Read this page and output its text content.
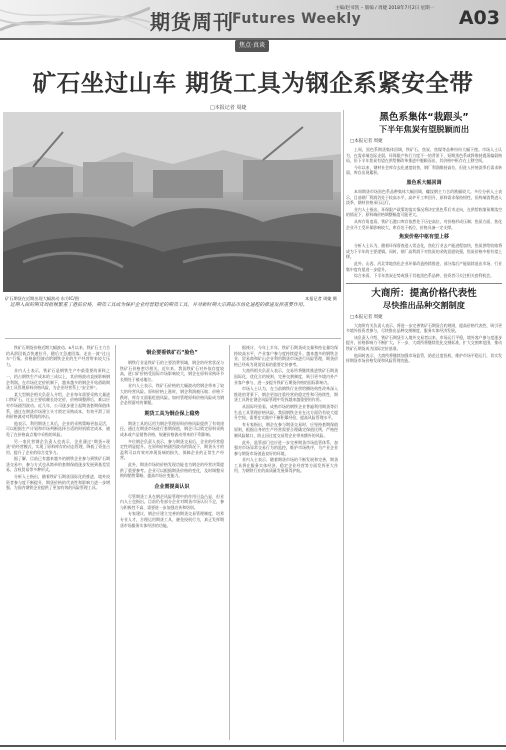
期货周刊
Futures Weekly
主编/赵书凯 ·· 版编 / 周婕 2018年7月2日 星期一	A03
焦点·真谈
矿石坐过山车 期货工具为钢企系紧安全带
□本报记者 周婕
矿石期货在近期出现大幅波动 东方IC/图	本报记者 周婕 摄
黑色系集体“栽跟头”
下半年焦炭有望脱颖而出
□本报记者 周婕

上周，黑色系期货集体回调，铁矿石、焦炭、焦煤等品种纷纷大幅下挫。市场人士认为，在需求端边际走弱、环保限产执行力度不一的背景下，短期黑色系或将维持震荡偏弱格局，但下半年焦炭有望在供给侧改革推进中脱颖而出，其价格中枢存在上移空间。

今年以来，钢材社会库存去化速度较快，钢厂利润维持高位，但进入传统淡季后需求转弱，库存出现累积。

黑色系大幅回调

本周期货市场黑色系品种集体大幅回调，螺纹钢主力合约跌幅较大。多位分析人士表示，目前钢厂利润仍处于较高水平，高炉开工率回升，原料需求保持韧性，但终端消费进入淡季，钢材价格承压运行。

业内人士指出，环保限产政策的落实情况将决定黑色系后市走向，在供给收缩预期落空的情况下，原料端价格调整幅度可能更大。

从库存角度看，铁矿石港口库存依然处于历史高位，对价格形成压制；焦炭方面，焦化企业开工受环保影响较大，库存处于低位，价格具备一定支撑。

焦炭价格中枢有望上移

分析人士认为，随着环保督查进入常态化，焦化行业去产能进程加快，焦炭供给收缩将成为下半年的主要逻辑。同时，钢厂高利润下对焦炭的采购意愿较强，焦炭价格中枢有望上移。

此外，山西、河北等地焦化企业环保改造持续推进，部分落后产能陆续退出市场，行业集中度有望进一步提升。

综合来看，下半年焦炭走势或强于其他黑色系品种，投资者可关注相关套利机会。

大商所：提高价格代表性
尽快推出品种交割制度
□本报记者 周婕

大商所有关负责人表示，将进一步完善铁矿石期货合约规则，提高价格代表性，吸引更多境外投资者参与，尽快推出品种交割制度，服务实体经济发展。

该负责人介绍，铁矿石期货引入境外交易者以来，市场运行平稳，境外客户参与度逐步提升，价格影响力不断扩大。下一步，大商所将继续优化交割标准，扩大交割库范围，推动铁矿石期货成为国际定价基准。

他同时表示，大商所将继续加强市场监管，防范过度投机，维护市场平稳运行，切实发挥期货市场价格发现和风险管理功能。

近期入岗的期货周报频繁重了港前价格，期货工具成为保护企业经营稳定的期货工具，并对新时期大宗商品市场化进程的推进发挥重要作用。

铁矿石期货价格近期大幅波动。6月以来，铁矿石主力合约从阶段低点快速拉升，随后又急速回落，走出一波“过山车”行情。价格剧烈波动给钢铁企业的生产经营带来较大压力。

业内人士表示，铁矿石是钢铁生产中最重要的原料之一，约占钢铁生产成本的三成以上，其价格波动直接影响钢企利润。在市场化定价机制下，越来越多的钢企开始借助期货工具管理原料价格风险，为企业经营系上“安全带”。

某大型钢企相关负责人介绍，企业每年需要采购大量进口铁矿石，过去主要依赖长协定价，价格调整滞后，难以应对市场剧烈波动。近几年，公司逐步建立起期货套期保值体系，通过在期货市场建立头寸锁定采购成本，有效平滑了原料价格波动对利润的冲击。

他表示，利用期货工具后，企业的采购策略更加灵活，可以根据生产计划和市场判断选择合适的时机锁定成本，避免了在价格高点集中采购的风险。

另一家民营钢企负责人也表示，企业通过“期货+现货”的经营模式，实现了原料库存的动态管理，降低了资金占用，提升了企业的综合竞争力。

据了解，目前已有越来越多的钢铁企业参与到铁矿石期货交易中，参与方式也从简单的套期保值逐步发展到基差贸易、含权贸易等多种形式。

分析人士指出，随着铁矿石期货国际化的推进，境外投资者参与度不断提升，期货价格的代表性和影响力进一步增强，为国内钢铁企业提供了更加有效的风险管理工具。

铜企要看铁矿石“脸色”

钢铁行业是铁矿石的主要消费领域，钢企的经营状况与铁矿石价格密切相关。近年来，我国铁矿石对外依存度较高，进口矿价格受国际市场影响较大，钢企在原料采购环节长期处于被动地位。

业内人士表示，铁矿石价格的大幅波动给钢企带来了较大的经营风险。原料价格上涨时，钢企利润被压缩；价格下跌时，库存又面临贬值风险。如何管理原料价格风险成为钢企必须面对的课题。

期货工具为铜企保上稳势

期货工具的运用为钢企管理原料价格风险提供了有效途径。通过在期货市场进行套期保值，钢企可以锁定原料采购成本或产品销售价格，规避价格波动带来的不利影响。

多位钢企负责人表示，参与期货交易后，企业的经营稳定性明显提升。在原料价格剧烈波动的情况下，期货头寸的盈利可以有效对冲现货端的损失，保障企业的正常生产经营。

此外，期货市场的价格发现功能也为钢企的经营决策提供了重要参考。企业可以根据期货价格的变化，及时调整采购和销售策略，提高市场应变能力。

企业需提高认识

尽管期货工具在钢企风险管理中的作用日益凸显，但业内人士也指出，目前仍有部分企业对期货市场认识不足，参与积极性不高，需要进一步加强宣传和培训。

专家建议，钢企应建立完善的期货交易管理制度，培养专业人才，合理运用期货工具，避免投机行为，真正发挥期货市场服务实体经济的功能。

据统计，今年上半年，铁矿石期货成交量和持仓量均保持较高水平，产业客户参与度持续提升。越来越多的钢铁企业、贸易商和矿山企业利用期货市场进行风险管理，期货价格已经成为现货贸易的重要定价参考。

大商所相关负责人表示，交易所将继续推进铁矿石期货国际化，优化合约规则，完善交割制度，吸引更多境内外产业客户参与，进一步提升铁矿石期货价格的国际影响力。

市场人士认为，在当前钢铁行业供给侧结构性改革深入推进的背景下，钢企更加注重经营的稳定性和可持续性，期货工具将在钢企风险管理中发挥越来越重要的作用。

从国际经验看，成熟市场的钢铁企业普遍利用期货等衍生品工具管理价格风险。我国钢铁企业在这方面仍有较大提升空间，需要在实践中不断积累经验，提高风险管理水平。

有专家指出，钢企在参与期货交易时，应坚持套期保值原则，根据自身的生产经营需要合理确定保值比例，严格控制风险敞口，防止因过度交易给企业带来额外的风险。

此外，监管部门也应进一步完善期货市场监管体系，加强对市场异常交易行为的监控，维护市场秩序，为产业企业参与期货市场创造良好的环境。

业内人士表示，随着期货市场的不断发展和完善，期货工具将在服务实体经济、稳定企业经营等方面发挥更大作用，为钢铁行业的高质量发展保驾护航。
